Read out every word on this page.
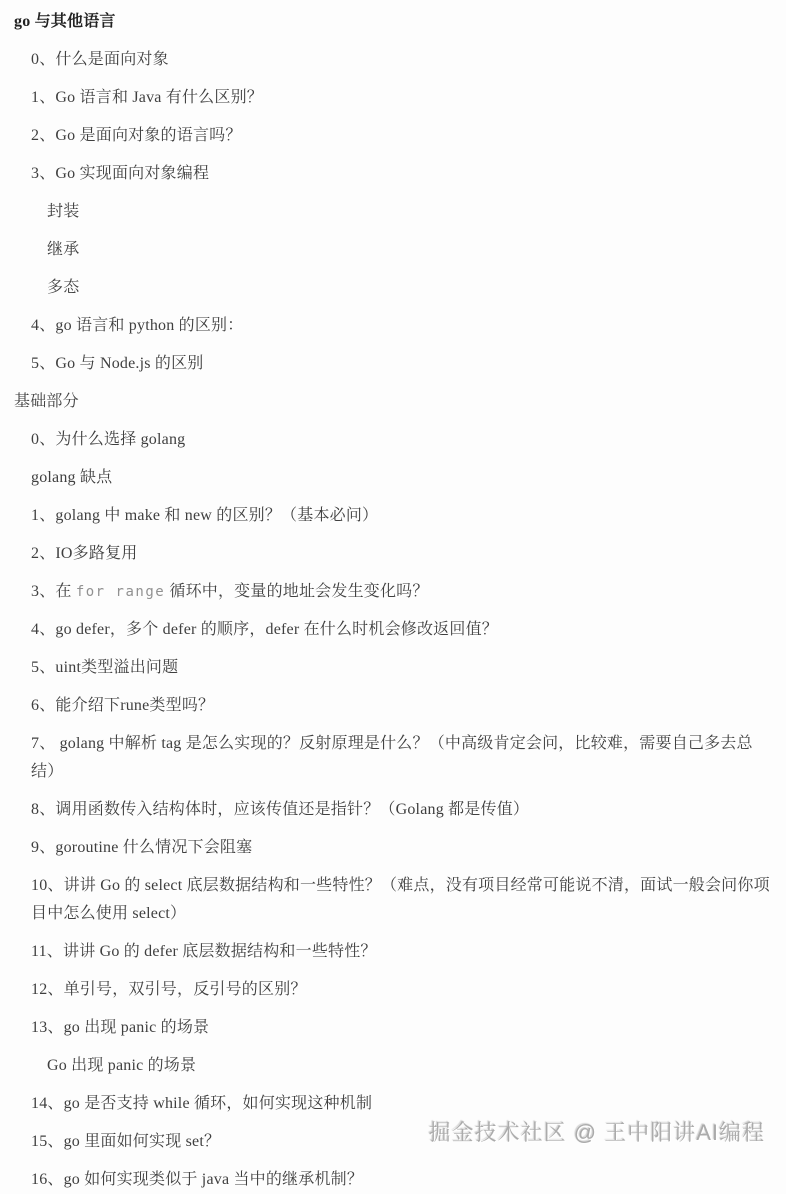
go 与其他语言

0、什么是面向对象

1、Go 语言和 Java 有什么区别？

2、Go 是面向对象的语言吗？

3、Go 实现面向对象编程

封装

继承

多态

4、go 语言和 python 的区别：

5、Go 与 Node.js 的区别

基础部分

0、为什么选择 golang

golang 缺点

1、golang 中 make 和 new 的区别？（基本必问）

2、IO多路复用

3、在 for range 循环中，变量的地址会发生变化吗？

4、go defer，多个 defer 的顺序，defer 在什么时机会修改返回值？

5、uint类型溢出问题

6、能介绍下rune类型吗？

7、 golang 中解析 tag 是怎么实现的？反射原理是什么？（中高级肯定会问，比较难，需要自己多去总结）

8、调用函数传入结构体时，应该传值还是指针？（Golang 都是传值）

9、goroutine 什么情况下会阻塞

10、讲讲 Go 的 select 底层数据结构和一些特性？（难点，没有项目经常可能说不清，面试一般会问你项目中怎么使用 select）

11、讲讲 Go 的 defer 底层数据结构和一些特性？

12、单引号，双引号，反引号的区别？

13、go 出现 panic 的场景

Go 出现 panic 的场景

14、go 是否支持 while 循环，如何实现这种机制

15、go 里面如何实现 set？

16、go 如何实现类似于 java 当中的继承机制？

掘金技术社区 @ 王中阳讲AI编程
